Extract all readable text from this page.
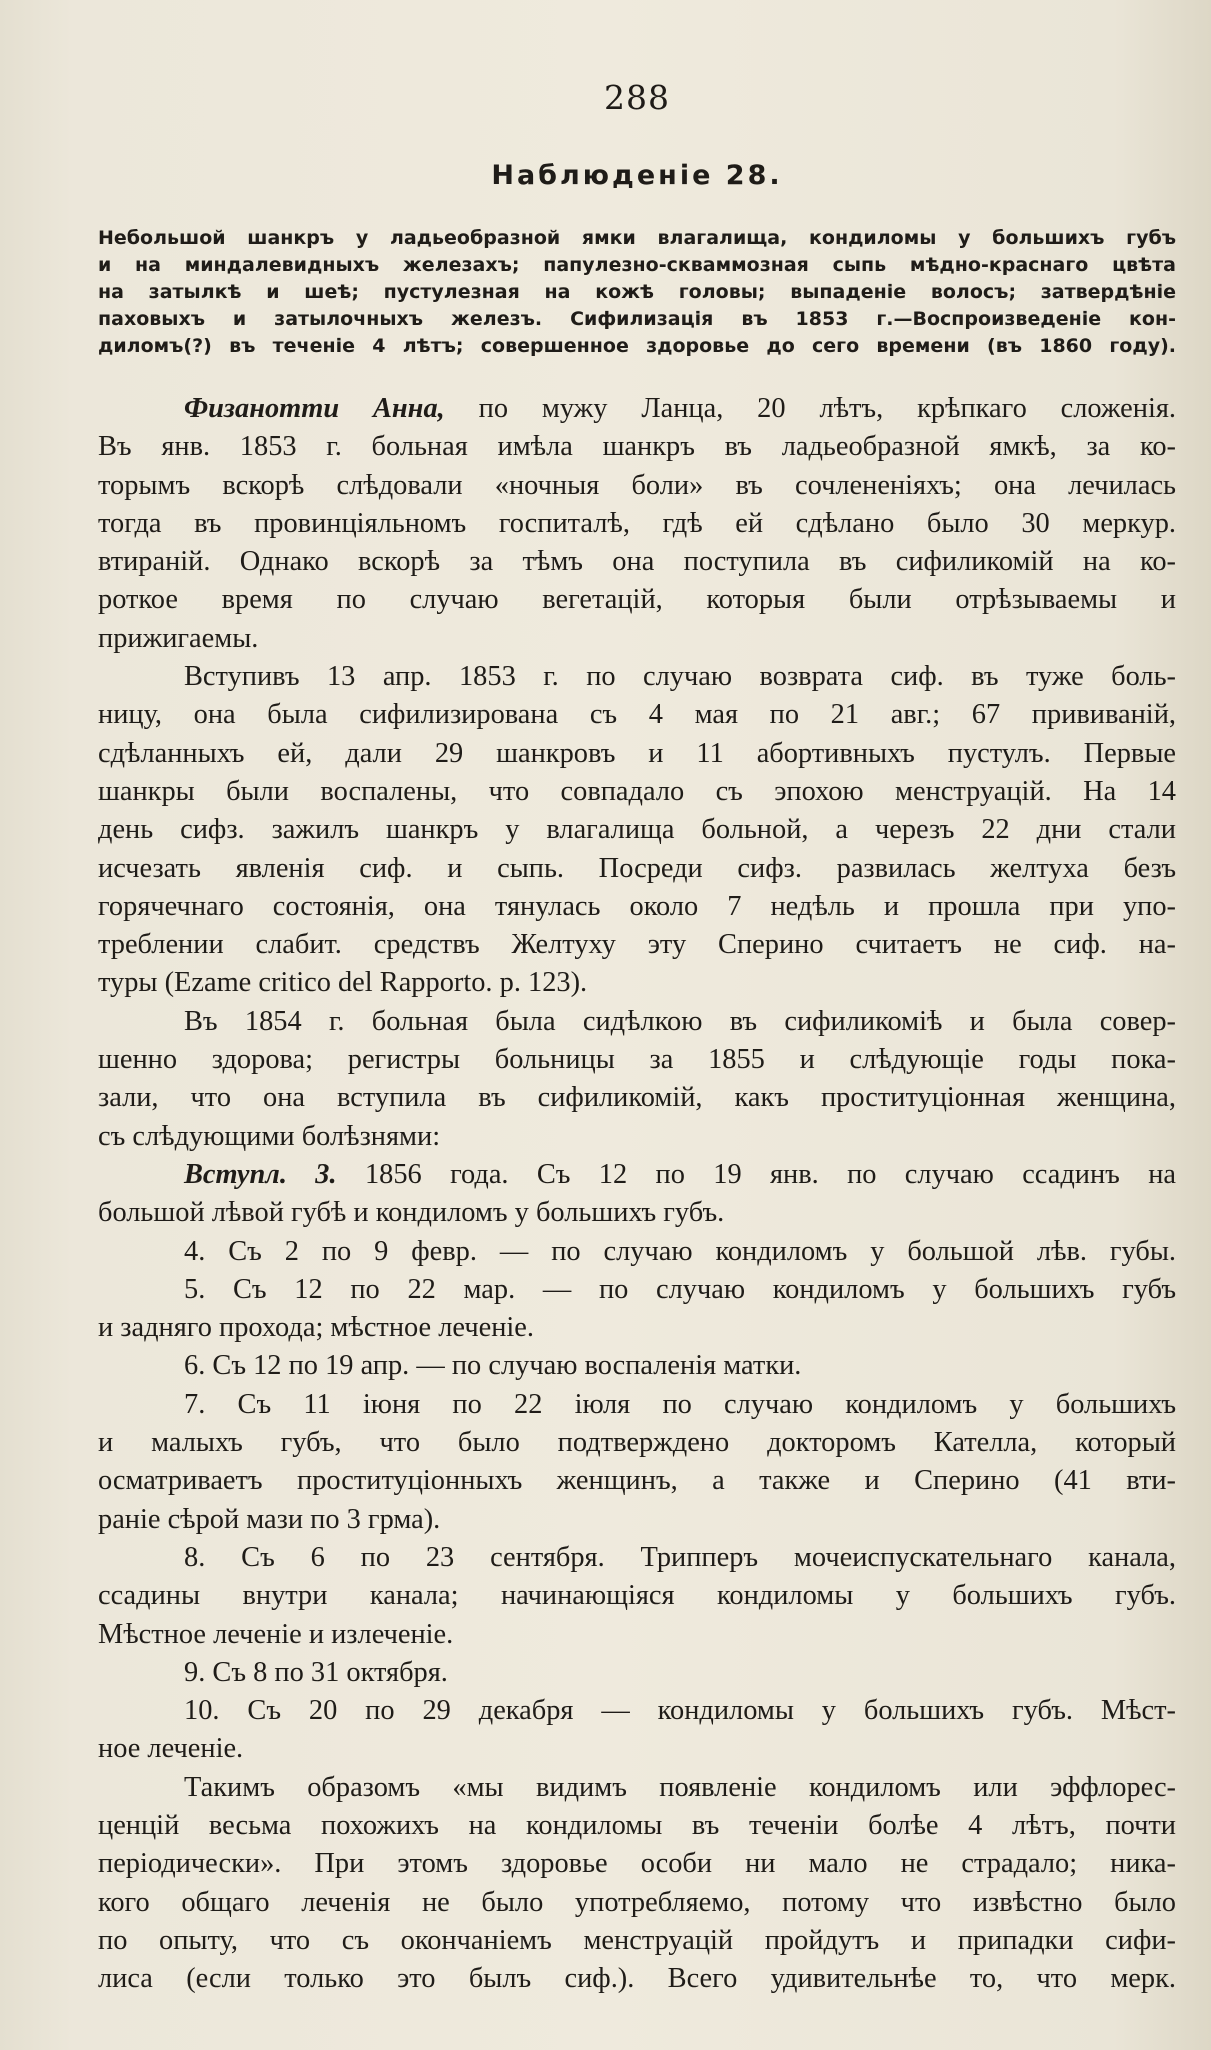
288
Наблюденіе 28.
Небольшой шанкръ у ладьеобразной ямки влагалища, кондиломы у большихъ губъ
и на миндалевидныхъ железахъ; папулезно-скваммозная сыпь мѣдно-краснаго цвѣта
на затылкѣ и шеѣ; пустулезная на кожѣ головы; выпаденіе волосъ; затвердѣніе
паховыхъ и затылочныхъ железъ. Сифилизація въ 1853 г.—Воспроизведеніе кон-
диломъ(?) въ теченіе 4 лѣтъ; совершенное здоровье до сего времени (въ 1860 году).

Физанотти Анна, по мужу Ланца, 20 лѣтъ, крѣпкаго сложенія.
Въ янв. 1853 г. больная имѣла шанкръ въ ладьеобразной ямкѣ, за ко-
торымъ вскорѣ слѣдовали «ночныя боли» въ сочлененіяхъ; она лечилась
тогда въ провинціяльномъ госпиталѣ, гдѣ ей сдѣлано было 30 меркур.
втираній. Однако вскорѣ за тѣмъ она поступила въ сифиликомій на ко-
роткое время по случаю вегетацій, которыя были отрѣзываемы и
прижигаемы.

Вступивъ 13 апр. 1853 г. по случаю возврата сиф. въ туже боль-
ницу, она была сифилизирована съ 4 мая по 21 авг.; 67 прививаній,
сдѣланныхъ ей, дали 29 шанкровъ и 11 абортивныхъ пустулъ. Первые
шанкры были воспалены, что совпадало съ эпохою менструацій. На 14
день сифз. зажилъ шанкръ у влагалища больной, а черезъ 22 дни стали
исчезать явленія сиф. и сыпь. Посреди сифз. развилась желтуха безъ
горячечнаго состоянія, она тянулась около 7 недѣль и прошла при упо-
треблении слабит. средствъ Желтуху эту Сперино считаетъ не сиф. на-
туры (Ezame critico del Rapporto. p. 123).

Въ 1854 г. больная была сидѣлкою въ сифиликомiѣ и была совер-
шенно здорова; регистры больницы за 1855 и слѣдующіе годы пока-
зали, что она вступила въ сифиликомій, какъ проституціонная женщина,
съ слѣдующими болѣзнями:

Вступл. 3. 1856 года. Съ 12 по 19 янв. по случаю ссадинъ на
большой лѣвой губѣ и кондиломъ у большихъ губъ.

4. Съ 2 по 9 февр. — по случаю кондиломъ у большой лѣв. губы.

5. Съ 12 по 22 мар. — по случаю кондиломъ у большихъ губъ
и задняго прохода; мѣстное леченіе.

6. Съ 12 по 19 апр. — по случаю воспаленія матки.

7. Съ 11 іюня по 22 іюля по случаю кондиломъ у большихъ
и малыхъ губъ, что было подтверждено докторомъ Кателла, который
осматриваетъ проституціонныхъ женщинъ, а также и Сперино (41 вти-
раніе сѣрой мази по 3 грма).

8. Съ 6 по 23 сентября. Трипперъ мочеиспускательнаго канала,
ссадины внутри канала; начинающіяся кондиломы у большихъ губъ.
Мѣстное леченіе и излеченіе.

9. Съ 8 по 31 октября.

10. Съ 20 по 29 декабря — кондиломы у большихъ губъ. Мѣст-
ное леченіе.

Такимъ образомъ «мы видимъ появленіе кондиломъ или эффлорес-
ценцій весьма похожихъ на кондиломы въ теченіи болѣе 4 лѣтъ, почти
періодически». При этомъ здоровье особи ни мало не страдало; ника-
кого общаго леченія не было употребляемо, потому что извѣстно было
по опыту, что съ окончаніемъ менструацій пройдутъ и припадки сифи-
лиса (если только это былъ сиф.). Всего удивительнѣе то, что мерк.
